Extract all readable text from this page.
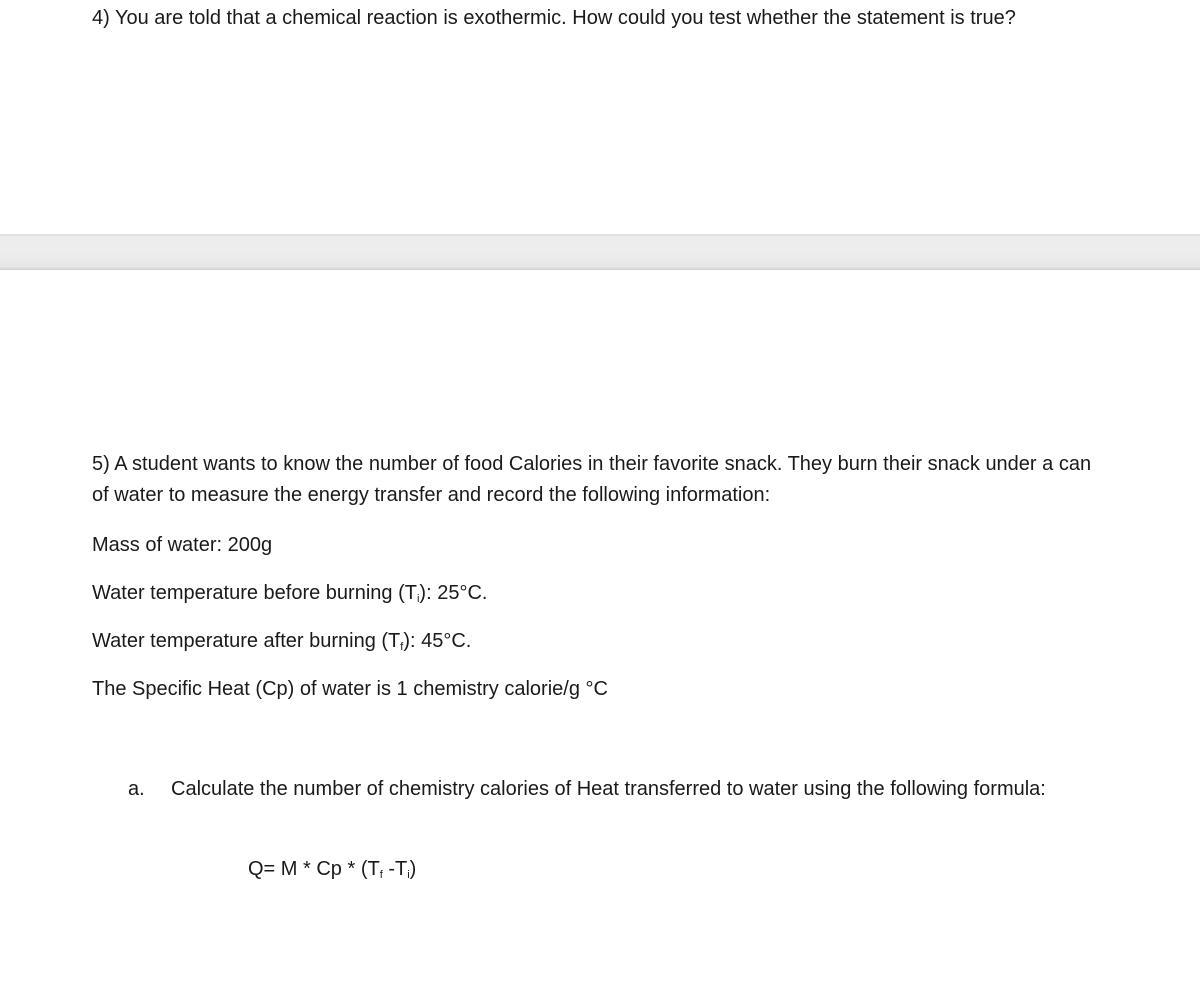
4) You are told that a chemical reaction is exothermic. How could you test whether the statement is true?

5) A student wants to know the number of food Calories in their favorite snack. They burn their snack under a can of water to measure the energy transfer and record the following information:

Mass of water: 200g

Water temperature before burning $(T_i)$: 25°C.

Water temperature after burning $(T_f)$: 45°C.

The Specific Heat (Cp) of water is 1 chemistry calorie/g °C

a. Calculate the number of chemistry calories of Heat transferred to water using the following formula:
$Q= M * Cp * (T_f$ $-T_i$)
